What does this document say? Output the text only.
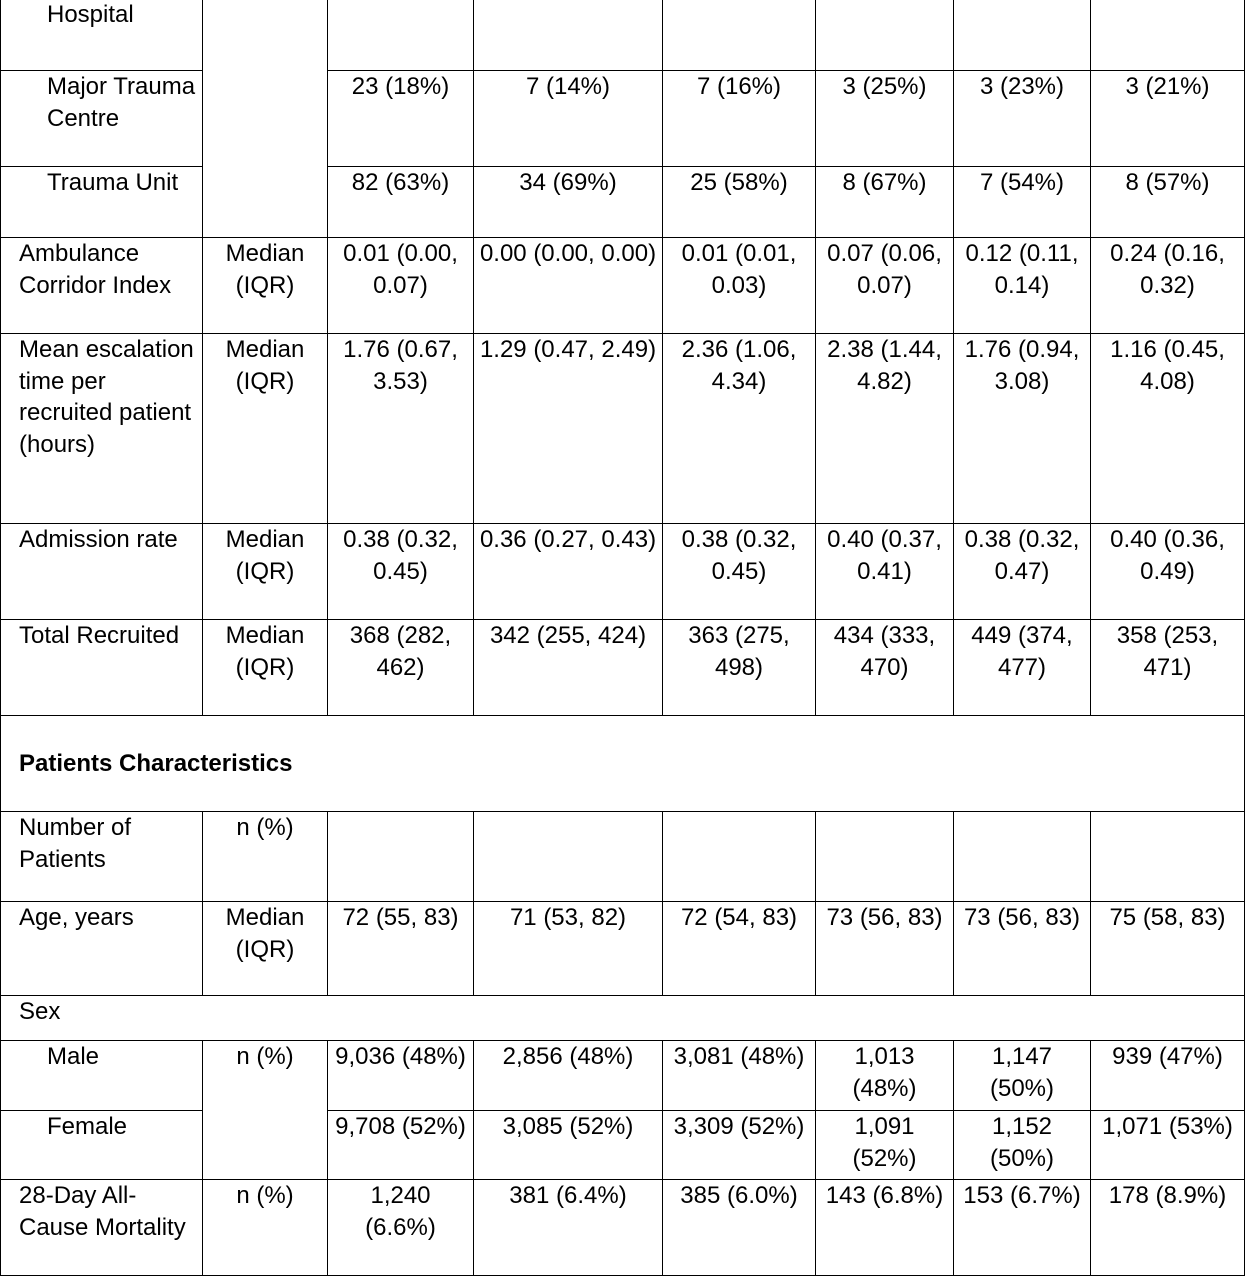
Hospital							
Major Trauma Centre		23 (18%)	7 (14%)	7 (16%)	3 (25%)	3 (23%)	3 (21%)
Trauma Unit		82 (63%)	34 (69%)	25 (58%)	8 (67%)	7 (54%)	8 (57%)
Ambulance Corridor Index	Median (IQR)	0.01 (0.00, 0.07)	0.00 (0.00, 0.00)	0.01 (0.01, 0.03)	0.07 (0.06, 0.07)	0.12 (0.11, 0.14)	0.24 (0.16, 0.32)
Mean escalation time per recruited patient (hours)	Median (IQR)	1.76 (0.67, 3.53)	1.29 (0.47, 2.49)	2.36 (1.06, 4.34)	2.38 (1.44, 4.82)	1.76 (0.94, 3.08)	1.16 (0.45, 4.08)
Admission rate	Median (IQR)	0.38 (0.32, 0.45)	0.36 (0.27, 0.43)	0.38 (0.32, 0.45)	0.40 (0.37, 0.41)	0.38 (0.32, 0.47)	0.40 (0.36, 0.49)
Total Recruited	Median (IQR)	368 (282, 462)	342 (255, 424)	363 (275, 498)	434 (333, 470)	449 (374, 477)	358 (253, 471)
Patients Characteristics							
Number of Patients	n (%)						
Age, years	Median (IQR)	72 (55, 83)	71 (53, 82)	72 (54, 83)	73 (56, 83)	73 (56, 83)	75 (58, 83)
Sex							
Male	n (%)	9,036 (48%)	2,856 (48%)	3,081 (48%)	1,013 (48%)	1,147 (50%)	939 (47%)
Female		9,708 (52%)	3,085 (52%)	3,309 (52%)	1,091 (52%)	1,152 (50%)	1,071 (53%)
28-Day All-Cause Mortality	n (%)	1,240 (6.6%)	381 (6.4%)	385 (6.0%)	143 (6.8%)	153 (6.7%)	178 (8.9%)
